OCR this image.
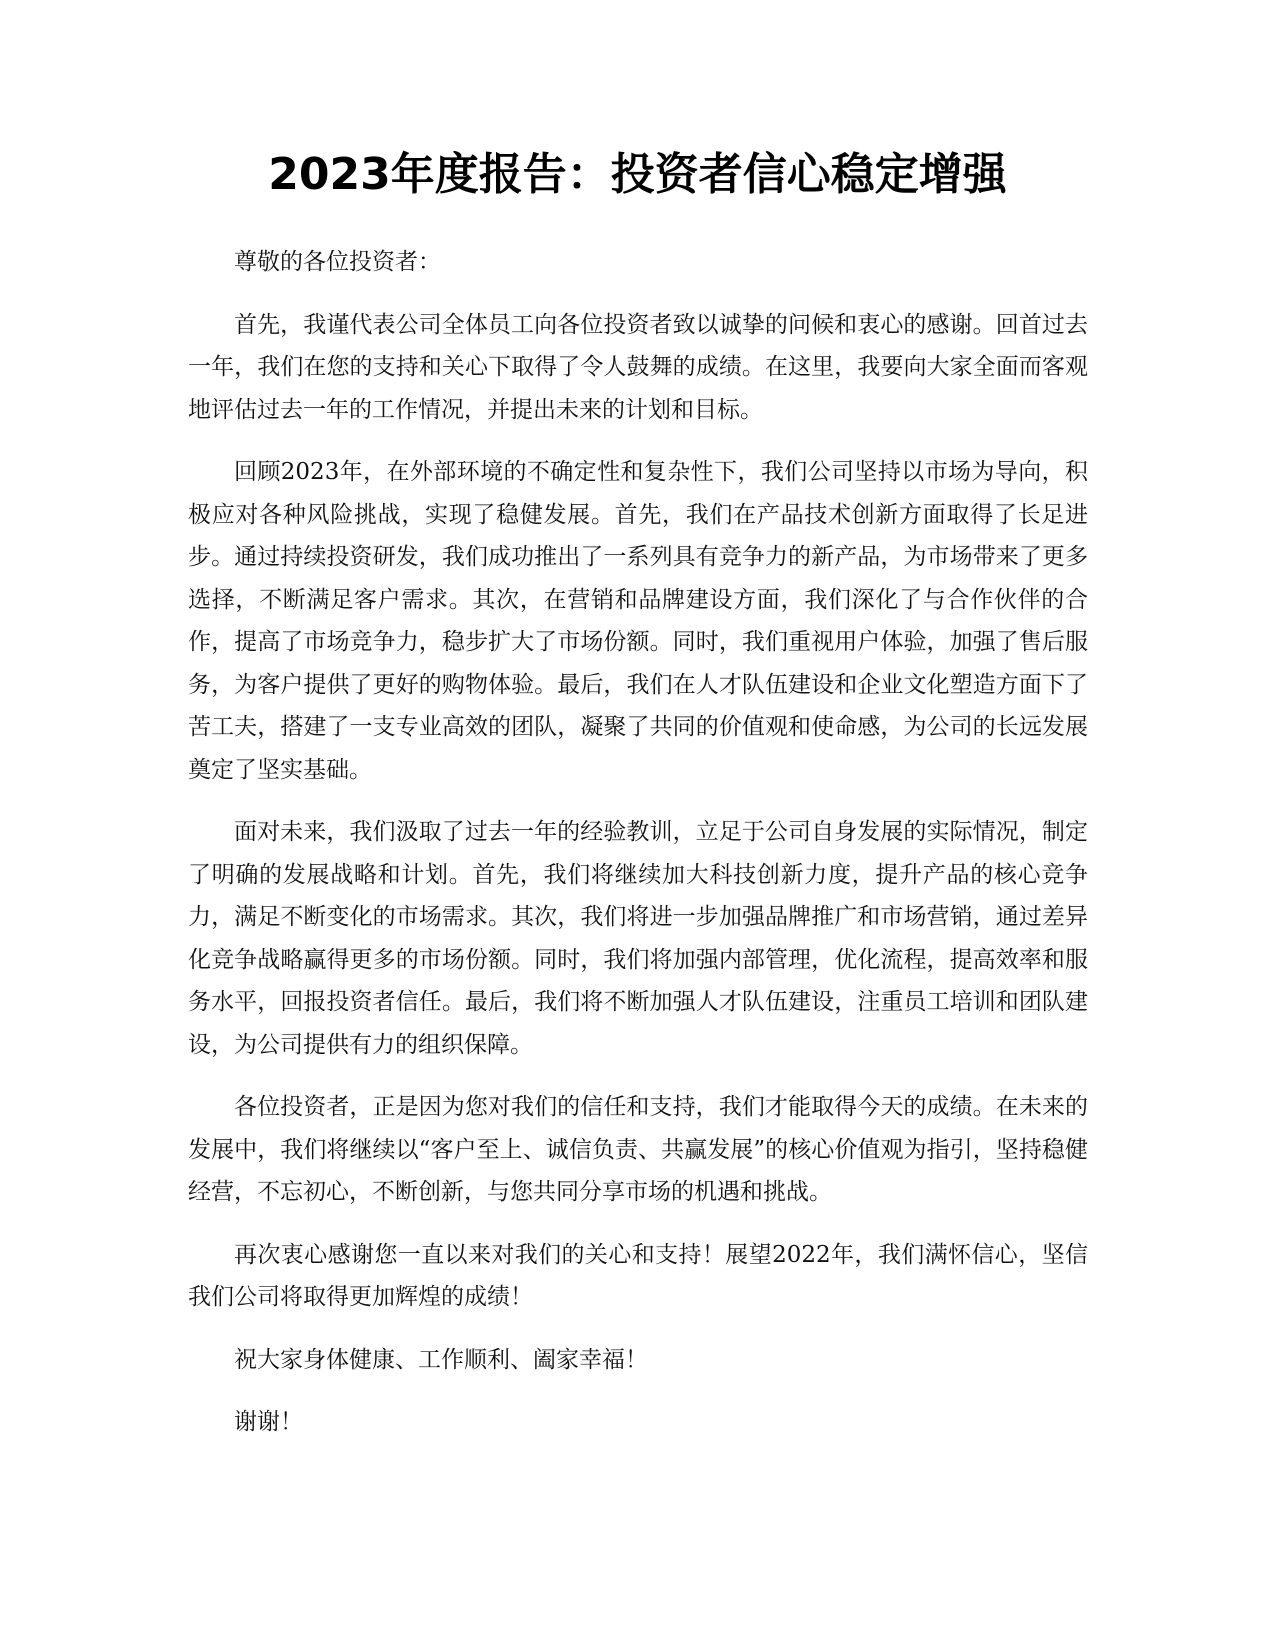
2023年度报告：投资者信心稳定增强

尊敬的各位投资者：

首先，我谨代表公司全体员工向各位投资者致以诚挚的问候和衷心的感谢。回首过去一年，我们在您的支持和关心下取得了令人鼓舞的成绩。在这里，我要向大家全面而客观地评估过去一年的工作情况，并提出未来的计划和目标。

回顾2023年，在外部环境的不确定性和复杂性下，我们公司坚持以市场为导向，积极应对各种风险挑战，实现了稳健发展。首先，我们在产品技术创新方面取得了长足进步。通过持续投资研发，我们成功推出了一系列具有竞争力的新产品，为市场带来了更多选择，不断满足客户需求。其次，在营销和品牌建设方面，我们深化了与合作伙伴的合作，提高了市场竞争力，稳步扩大了市场份额。同时，我们重视用户体验，加强了售后服务，为客户提供了更好的购物体验。最后，我们在人才队伍建设和企业文化塑造方面下了苦工夫，搭建了一支专业高效的团队，凝聚了共同的价值观和使命感，为公司的长远发展奠定了坚实基础。

面对未来，我们汲取了过去一年的经验教训，立足于公司自身发展的实际情况，制定了明确的发展战略和计划。首先，我们将继续加大科技创新力度，提升产品的核心竞争力，满足不断变化的市场需求。其次，我们将进一步加强品牌推广和市场营销，通过差异化竞争战略赢得更多的市场份额。同时，我们将加强内部管理，优化流程，提高效率和服务水平，回报投资者信任。最后，我们将不断加强人才队伍建设，注重员工培训和团队建设，为公司提供有力的组织保障。

各位投资者，正是因为您对我们的信任和支持，我们才能取得今天的成绩。在未来的发展中，我们将继续以“客户至上、诚信负责、共赢发展”的核心价值观为指引，坚持稳健经营，不忘初心，不断创新，与您共同分享市场的机遇和挑战。

再次衷心感谢您一直以来对我们的关心和支持！展望2022年，我们满怀信心，坚信我们公司将取得更加辉煌的成绩！

祝大家身体健康、工作顺利、阖家幸福！

谢谢！
